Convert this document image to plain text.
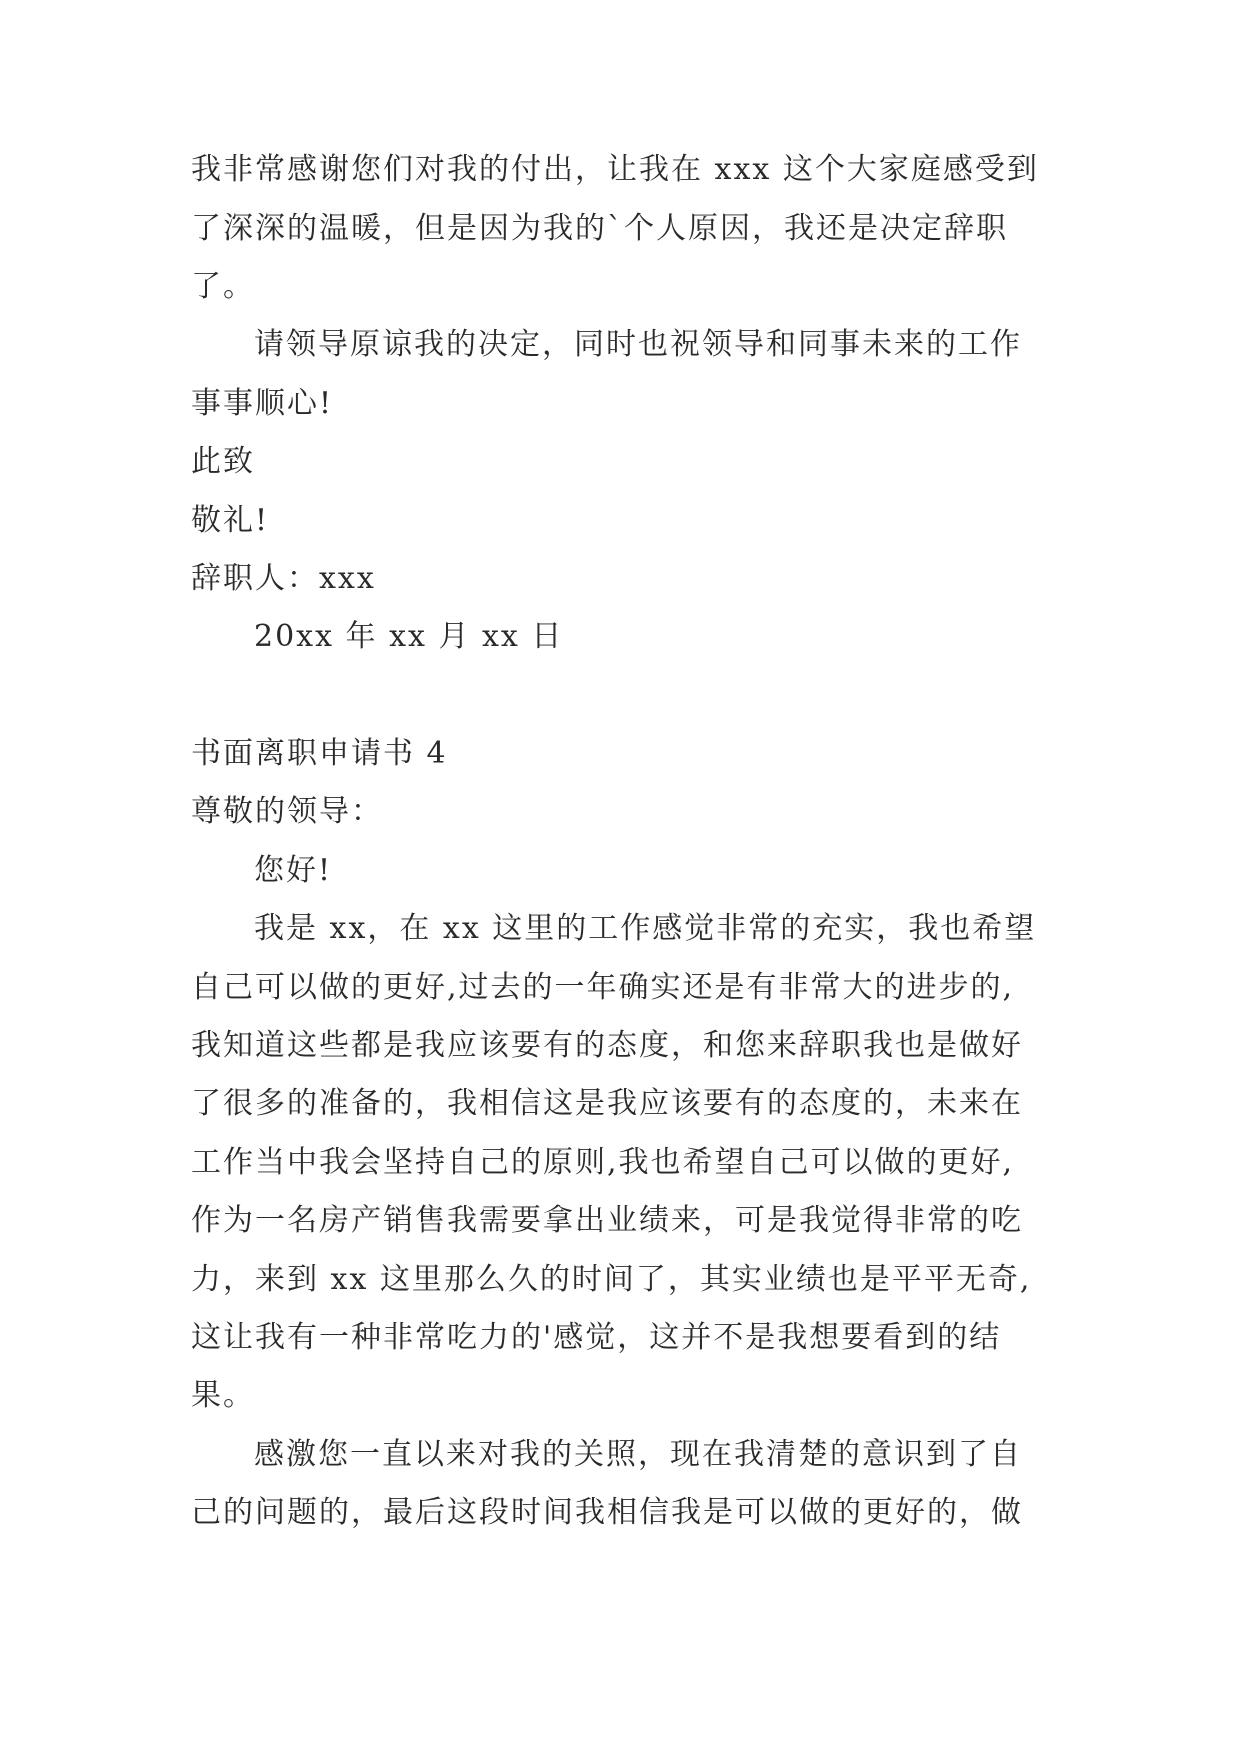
我非常感谢您们对我的付出，让我在 xxx 这个大家庭感受到
了深深的温暖，但是因为我的`个人原因，我还是决定辞职
了。
请领导原谅我的决定，同时也祝领导和同事未来的工作
事事顺心!
此致
敬礼!
辞职人：xxx
20xx 年 xx 月 xx 日
书面离职申请书 4
尊敬的领导：
您好!
我是 xx，在 xx 这里的工作感觉非常的充实，我也希望
自己可以做的更好,过去的一年确实还是有非常大的进步的,
我知道这些都是我应该要有的态度，和您来辞职我也是做好
了很多的准备的，我相信这是我应该要有的态度的，未来在
工作当中我会坚持自己的原则,我也希望自己可以做的更好,
作为一名房产销售我需要拿出业绩来，可是我觉得非常的吃
力，来到 xx 这里那么久的时间了，其实业绩也是平平无奇,
这让我有一种非常吃力的'感觉，这并不是我想要看到的结
果。
感激您一直以来对我的关照，现在我清楚的意识到了自
己的问题的，最后这段时间我相信我是可以做的更好的，做
